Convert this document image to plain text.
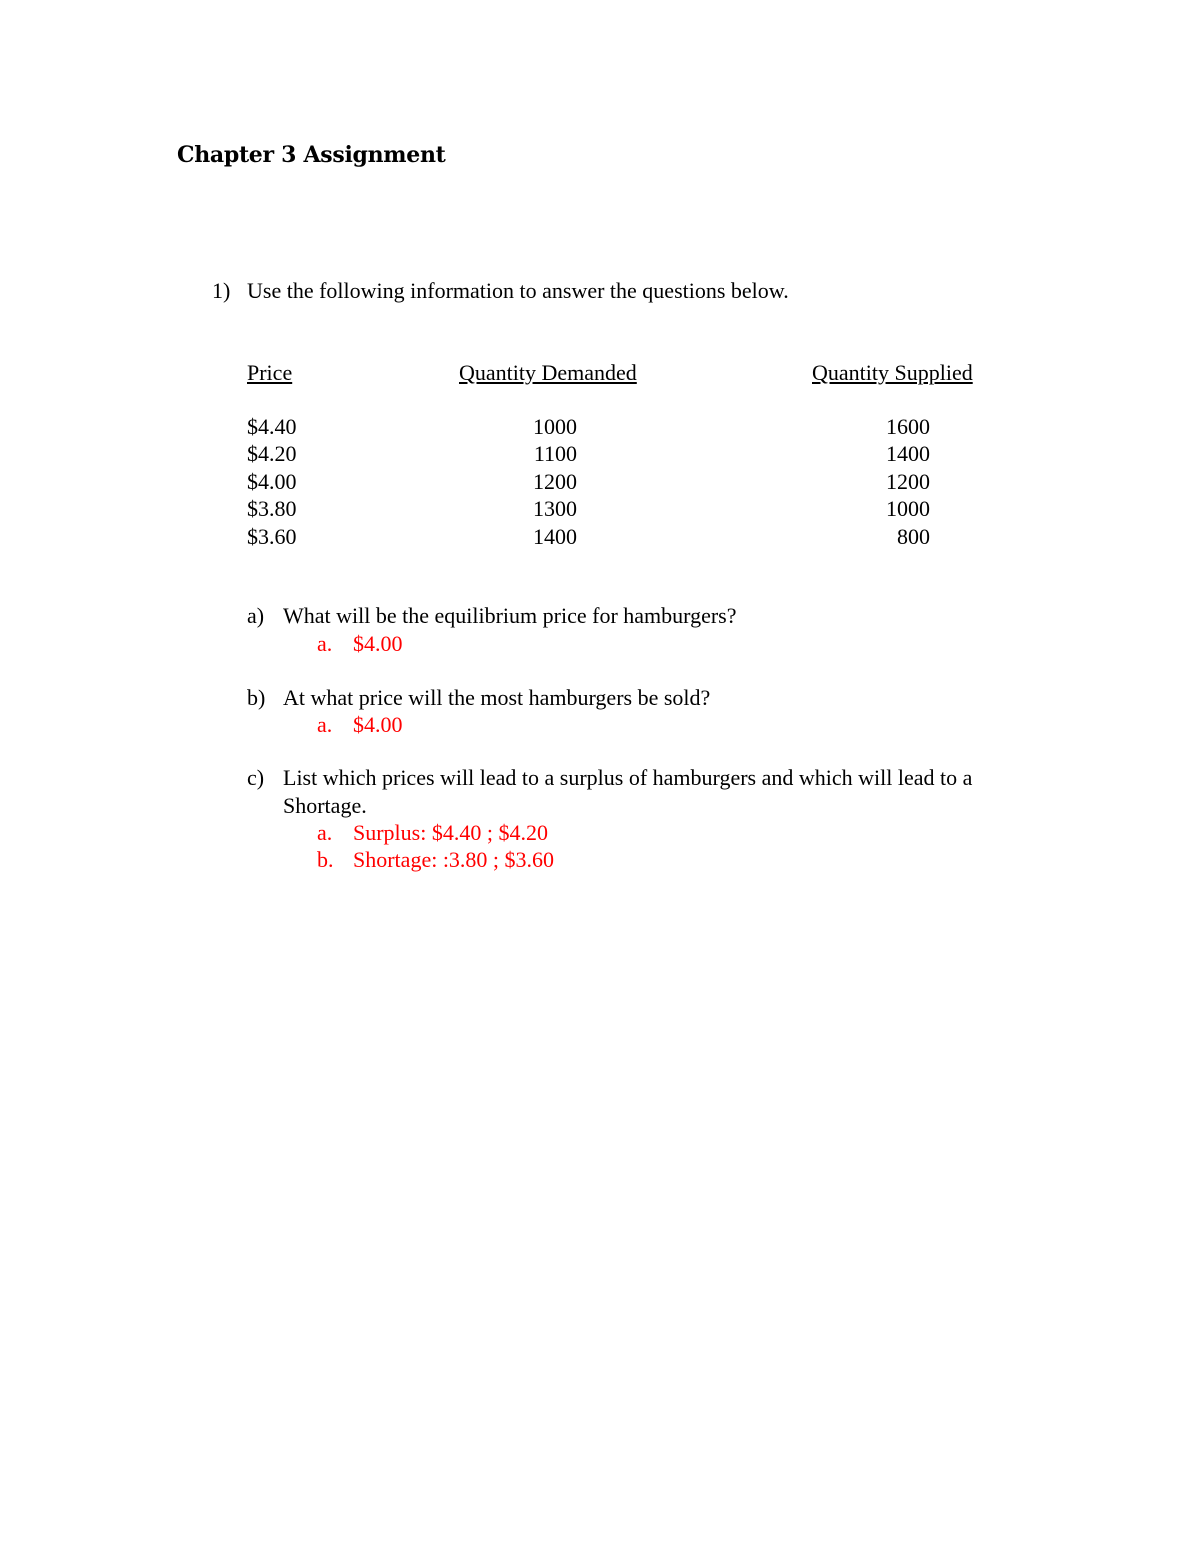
Chapter 3 Assignment
1) Use the following information to answer the questions below.
Price	Quantity Demanded	Quantity Supplied
$4.40
$4.20
$4.00
$3.80
$3.60
1000
1100
1200
1300
1400
1600
1400
1200
1000
800
a) What will be the equilibrium price for hamburgers?
a. $4.00
b) At what price will the most hamburgers be sold?
a. $4.00
c) List which prices will lead to a surplus of hamburgers and which will lead to a Shortage.
a. Surplus: $4.40 ; $4.20
b. Shortage: :3.80 ; $3.60
